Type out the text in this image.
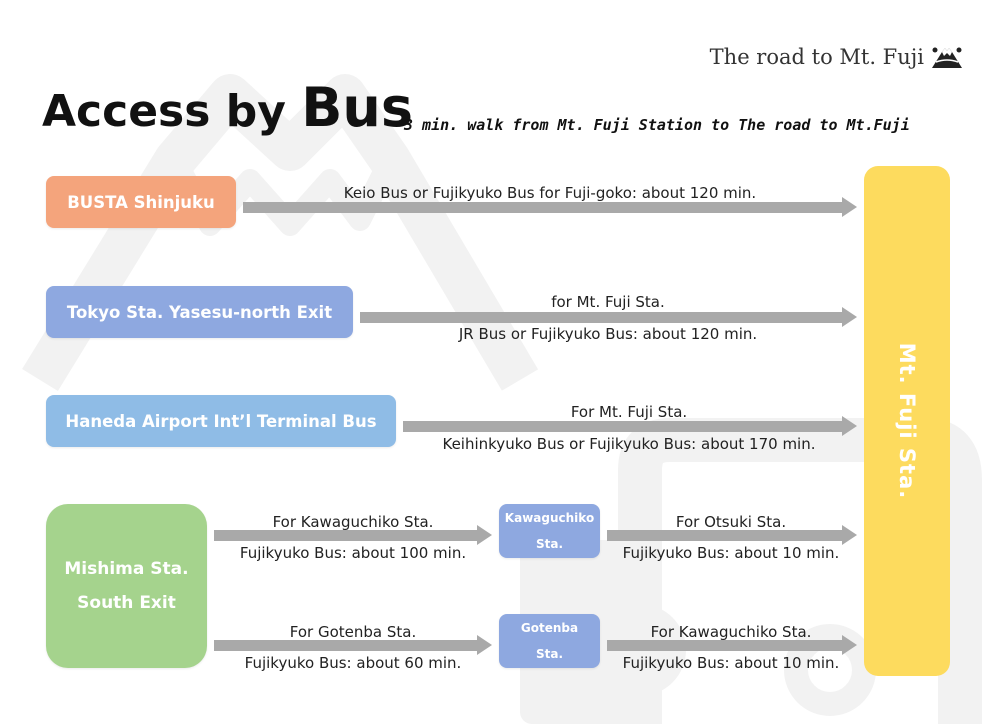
The road to Mt. Fuji
Access by Bus
3 min. walk from Mt. Fuji Station to The road to Mt.Fuji
BUSTA Shinjuku
Tokyo Sta. Yasesu-north Exit
Haneda Airport Int’l Terminal Bus
Mishima Sta.
South Exit
Kawaguchiko
Sta.
Gotenba
Sta.
Mt. Fuji Sta.
Keio Bus or Fujikyuko Bus for Fuji-goko: about 120 min.
for Mt. Fuji Sta.
JR Bus or Fujikyuko Bus: about 120 min.
For Mt. Fuji Sta.
Keihinkyuko Bus or Fujikyuko Bus: about 170 min.
For Kawaguchiko Sta.
Fujikyuko Bus: about 100 min.
For Otsuki Sta.
Fujikyuko Bus: about 10 min.
For Gotenba Sta.
Fujikyuko Bus: about 60 min.
For Kawaguchiko Sta.
Fujikyuko Bus: about 10 min.
